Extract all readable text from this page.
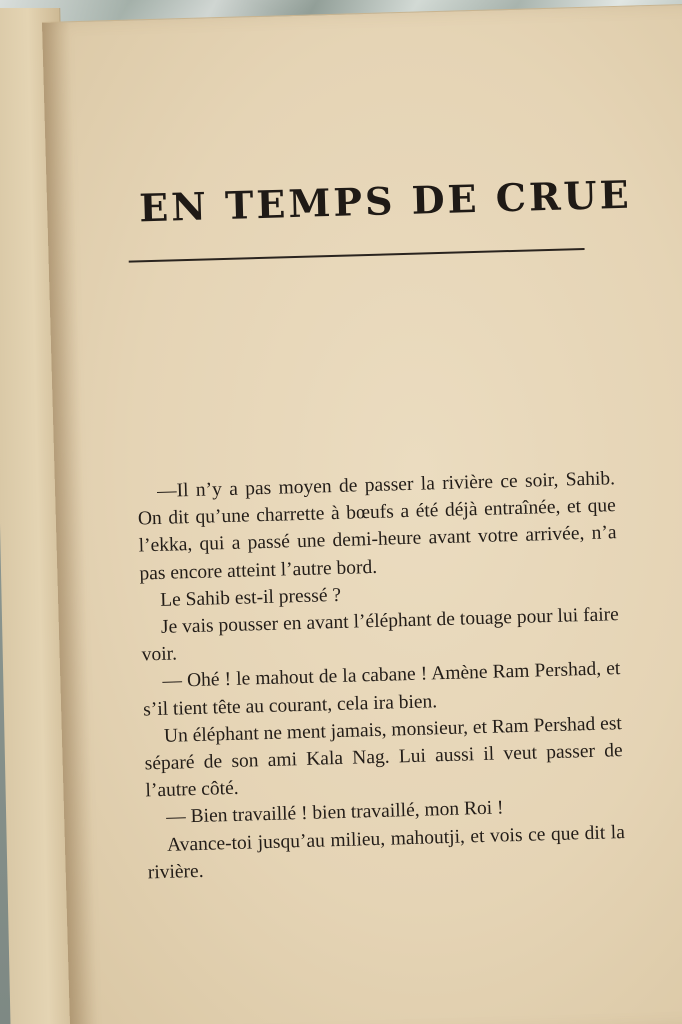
EN TEMPS DE CRUE

—Il n’y a pas moyen de passer la rivière ce soir, Sahib. On dit qu’une charrette à bœufs a été déjà entraînée, et que l’ekka, qui a passé une demi-heure avant votre arrivée, n’a pas encore atteint l’autre bord.

Le Sahib est-il pressé ?

Je vais pousser en avant l’éléphant de touage pour lui faire voir.

— Ohé ! le mahout de la cabane ! Amène Ram Pershad, et s’il tient tête au courant, cela ira bien.

Un éléphant ne ment jamais, monsieur, et Ram Pershad est séparé de son ami Kala Nag. Lui aussi il veut passer de l’autre côté.

— Bien travaillé ! bien travaillé, mon Roi !

Avance-toi jusqu’au milieu, mahoutji, et vois ce que dit la rivière.
